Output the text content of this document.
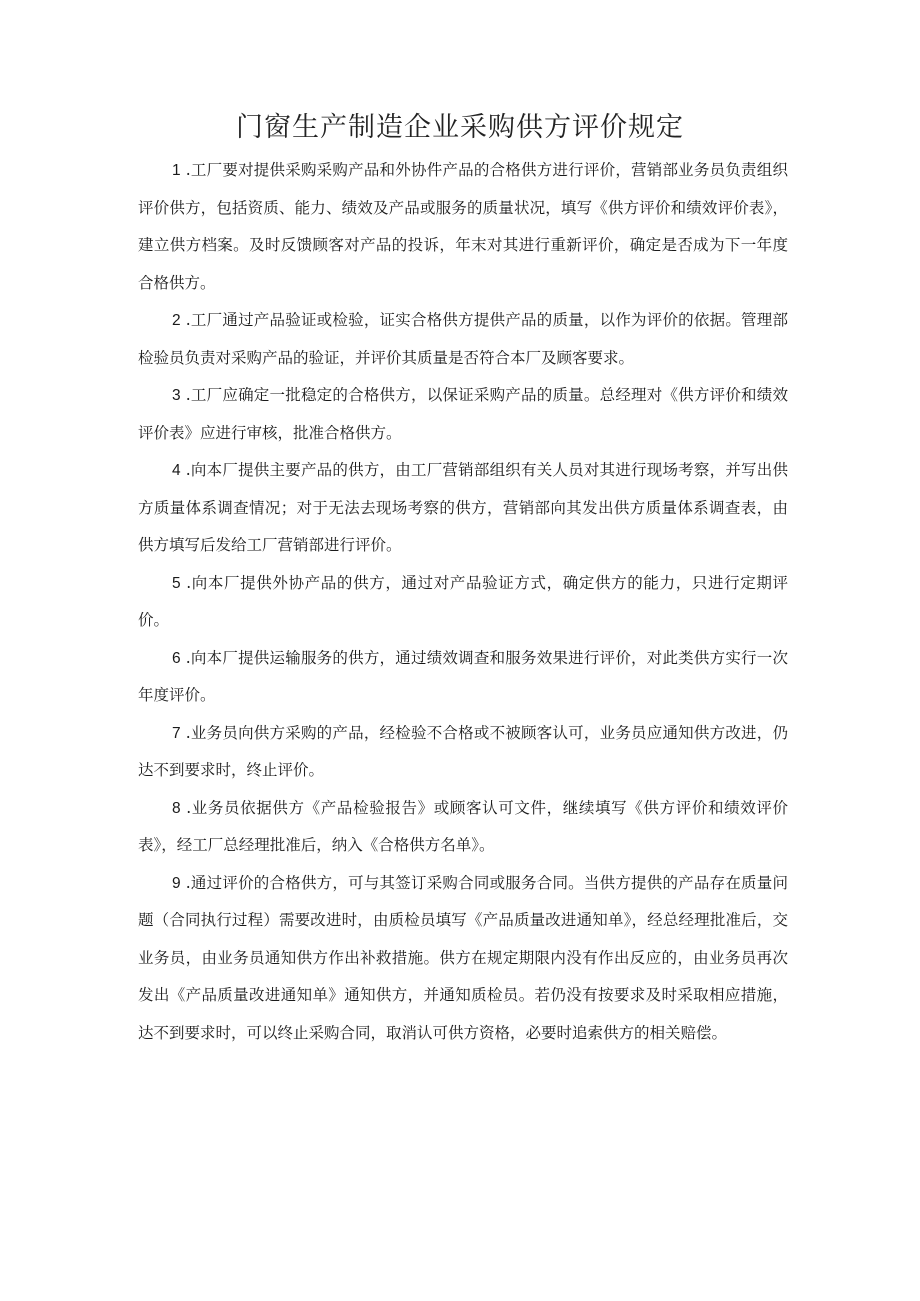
门窗生产制造企业采购供方评价规定

1 .工厂要对提供采购采购产品和外协件产品的合格供方进行评价，营销部业务员负责组织评价供方，包括资质、能力、绩效及产品或服务的质量状况，填写《供方评价和绩效评价表》，建立供方档案。及时反馈顾客对产品的投诉，年末对其进行重新评价，确定是否成为下一年度合格供方。

2 .工厂通过产品验证或检验，证实合格供方提供产品的质量，以作为评价的依据。管理部检验员负责对采购产品的验证，并评价其质量是否符合本厂及顾客要求。

3 .工厂应确定一批稳定的合格供方，以保证采购产品的质量。总经理对《供方评价和绩效评价表》应进行审核，批准合格供方。

4 .向本厂提供主要产品的供方，由工厂营销部组织有关人员对其进行现场考察，并写出供方质量体系调查情况；对于无法去现场考察的供方，营销部向其发出供方质量体系调查表，由供方填写后发给工厂营销部进行评价。

5 .向本厂提供外协产品的供方，通过对产品验证方式，确定供方的能力，只进行定期评价。

6 .向本厂提供运输服务的供方，通过绩效调查和服务效果进行评价，对此类供方实行一次年度评价。

7 .业务员向供方采购的产品，经检验不合格或不被顾客认可，业务员应通知供方改进，仍达不到要求时，终止评价。

8 .业务员依据供方《产品检验报告》或顾客认可文件，继续填写《供方评价和绩效评价表》，经工厂总经理批准后，纳入《合格供方名单》。

9 .通过评价的合格供方，可与其签订采购合同或服务合同。当供方提供的产品存在质量问题（合同执行过程）需要改进时，由质检员填写《产品质量改进通知单》，经总经理批准后，交业务员，由业务员通知供方作出补救措施。供方在规定期限内没有作出反应的，由业务员再次发出《产品质量改进通知单》通知供方，并通知质检员。若仍没有按要求及时采取相应措施，达不到要求时，可以终止采购合同，取消认可供方资格，必要时追索供方的相关赔偿。
